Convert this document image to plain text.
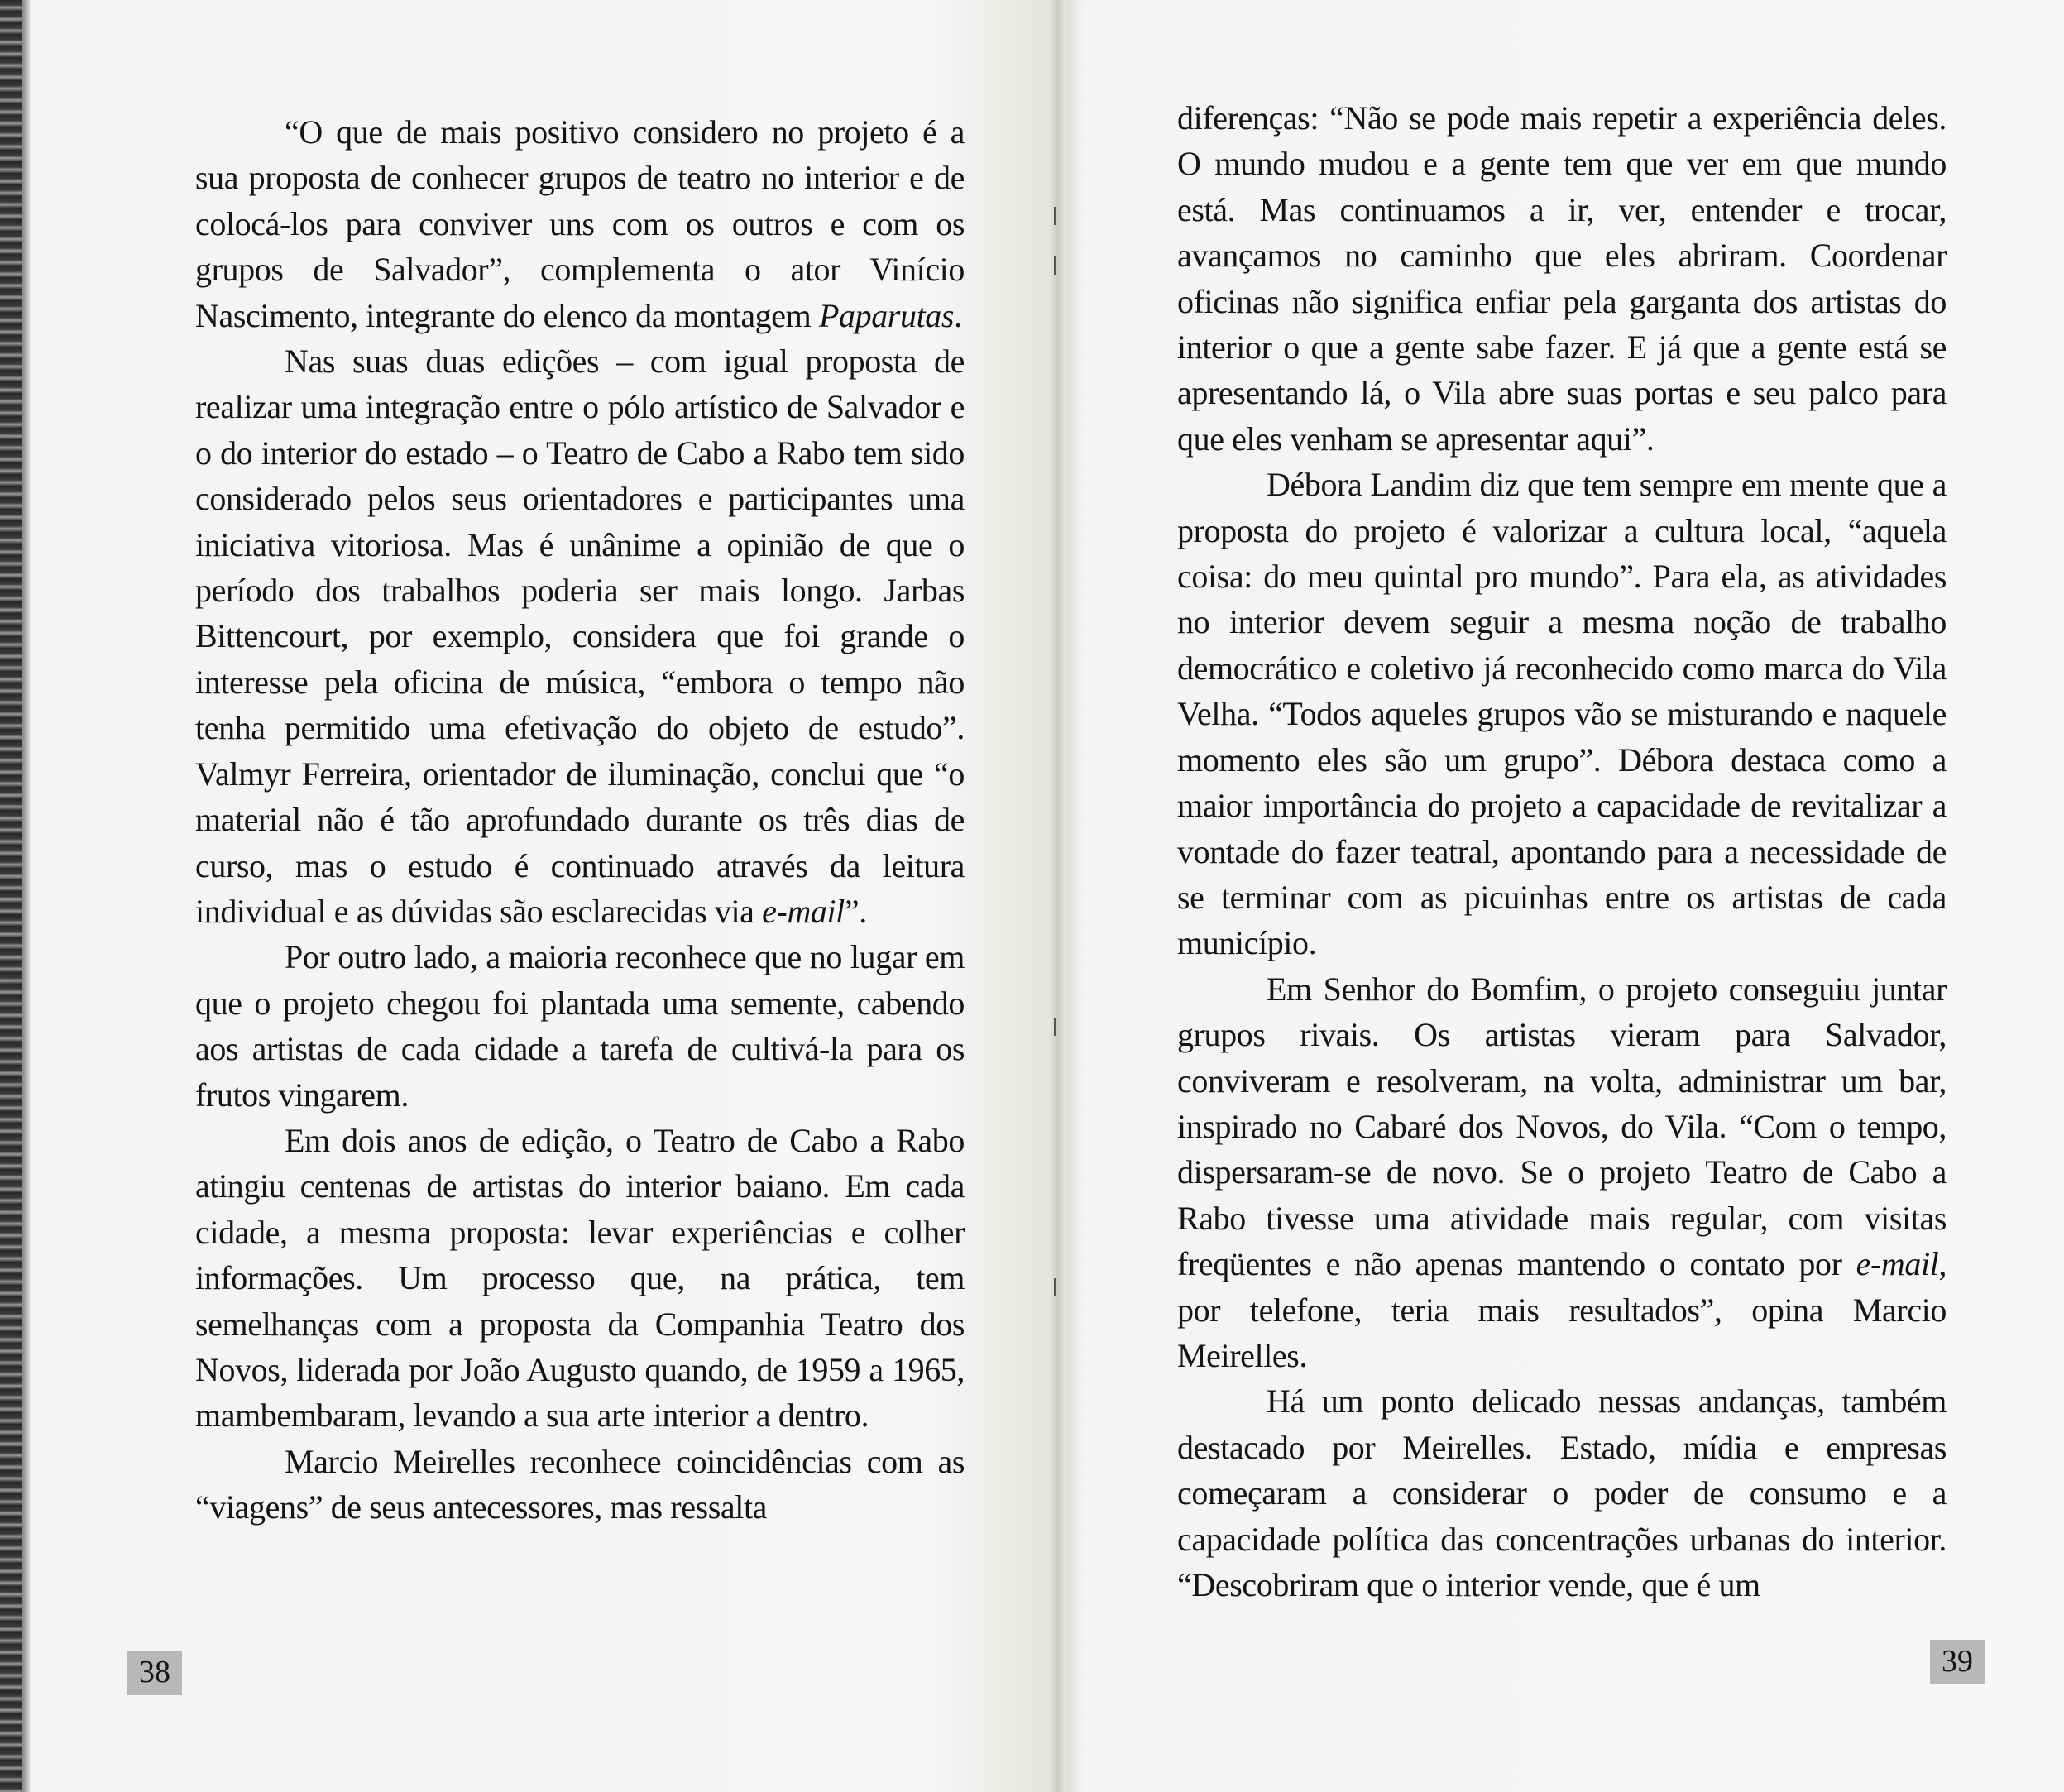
“O que de mais positivo considero no projeto é a sua proposta de conhecer grupos de teatro no interior e de colocá-los para conviver uns com os outros e com os grupos de Salvador”, complementa o ator Vinício Nascimento, integrante do elenco da montagem Paparutas.

Nas suas duas edições – com igual proposta de realizar uma integração entre o pólo artístico de Salvador e o do interior do estado – o Teatro de Cabo a Rabo tem sido considerado pelos seus orientadores e participantes uma iniciativa vitoriosa. Mas é unânime a opinião de que o período dos trabalhos poderia ser mais longo. Jarbas Bittencourt, por exemplo, considera que foi grande o interesse pela oficina de música, “embora o tempo não tenha permitido uma efetivação do objeto de estudo”. Valmyr Ferreira, orientador de iluminação, conclui que “o material não é tão aprofundado durante os três dias de curso, mas o estudo é continuado através da leitura individual e as dúvidas são esclarecidas via e-mail”.

Por outro lado, a maioria reconhece que no lugar em que o projeto chegou foi plantada uma semente, cabendo aos artistas de cada cidade a tarefa de cultivá-la para os frutos vingarem.

Em dois anos de edição, o Teatro de Cabo a Rabo atingiu centenas de artistas do interior baiano. Em cada cidade, a mesma proposta: levar experiências e colher informações. Um processo que, na prática, tem semelhanças com a proposta da Companhia Teatro dos Novos, liderada por João Augusto quando, de 1959 a 1965, mambembaram, levando a sua arte interior a dentro.

Marcio Meirelles reconhece coincidências com as “viagens” de seus antecessores, mas ressalta

38

diferenças: “Não se pode mais repetir a experiência deles. O mundo mudou e a gente tem que ver em que mundo está. Mas continuamos a ir, ver, entender e trocar, avançamos no caminho que eles abriram. Coordenar oficinas não significa enfiar pela garganta dos artistas do interior o que a gente sabe fazer. E já que a gente está se apresentando lá, o Vila abre suas portas e seu palco para que eles venham se apresentar aqui”.

Débora Landim diz que tem sempre em mente que a proposta do projeto é valorizar a cultura local, “aquela coisa: do meu quintal pro mundo”. Para ela, as atividades no interior devem seguir a mesma noção de trabalho democrático e coletivo já reconhecido como marca do Vila Velha. “Todos aqueles grupos vão se misturando e naquele momento eles são um grupo”. Débora destaca como a maior importância do projeto a capacidade de revitalizar a vontade do fazer teatral, apontando para a necessidade de se terminar com as picuinhas entre os artistas de cada município.

Em Senhor do Bomfim, o projeto conseguiu juntar grupos rivais. Os artistas vieram para Salvador, conviveram e resolveram, na volta, administrar um bar, inspirado no Cabaré dos Novos, do Vila. “Com o tempo, dispersaram-se de novo. Se o projeto Teatro de Cabo a Rabo tivesse uma atividade mais regular, com visitas freqüentes e não apenas mantendo o contato por e-mail, por telefone, teria mais resultados”, opina Marcio Meirelles.

Há um ponto delicado nessas andanças, também destacado por Meirelles. Estado, mídia e empresas começaram a considerar o poder de consumo e a capacidade política das concentrações urbanas do interior. “Descobriram que o interior vende, que é um

39
